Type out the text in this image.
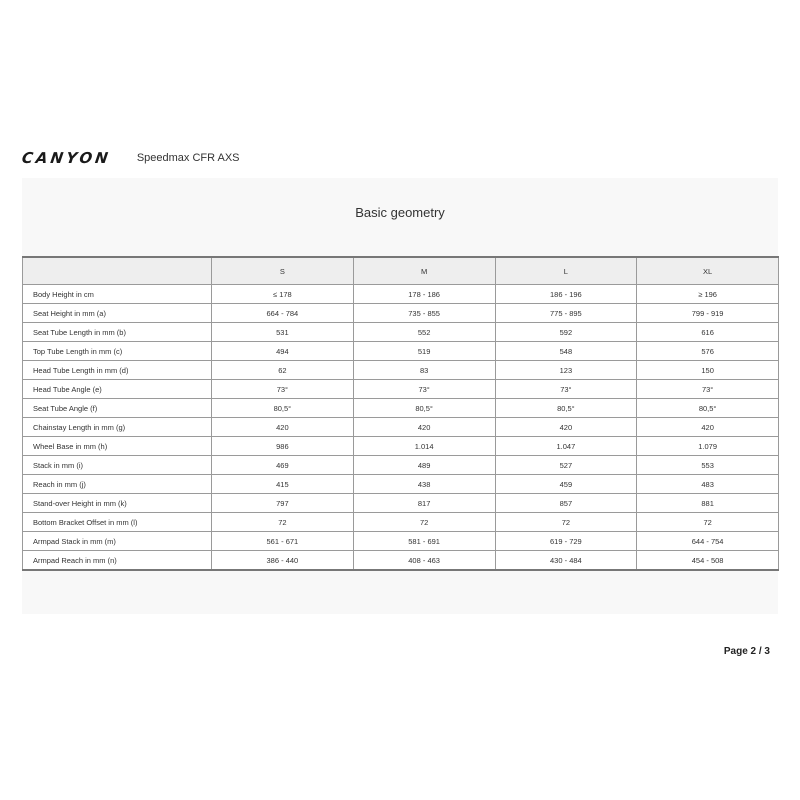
CANYON Speedmax CFR AXS
Basic geometry
	S	M	L	XL
Body Height in cm	≤ 178	178 - 186	186 - 196	≥ 196
Seat Height in mm (a)	664 - 784	735 - 855	775 - 895	799 - 919
Seat Tube Length in mm (b)	531	552	592	616
Top Tube Length in mm (c)	494	519	548	576
Head Tube Length in mm (d)	62	83	123	150
Head Tube Angle (e)	73°	73°	73°	73°
Seat Tube Angle (f)	80,5°	80,5°	80,5°	80,5°
Chainstay Length in mm (g)	420	420	420	420
Wheel Base in mm (h)	986	1.014	1.047	1.079
Stack in mm (i)	469	489	527	553
Reach in mm (j)	415	438	459	483
Stand-over Height in mm (k)	797	817	857	881
Bottom Bracket Offset in mm (l)	72	72	72	72
Armpad Stack in mm (m)	561 - 671	581 - 691	619 - 729	644 - 754
Armpad Reach in mm (n)	386 - 440	408 - 463	430 - 484	454 - 508
Page 2 / 3
